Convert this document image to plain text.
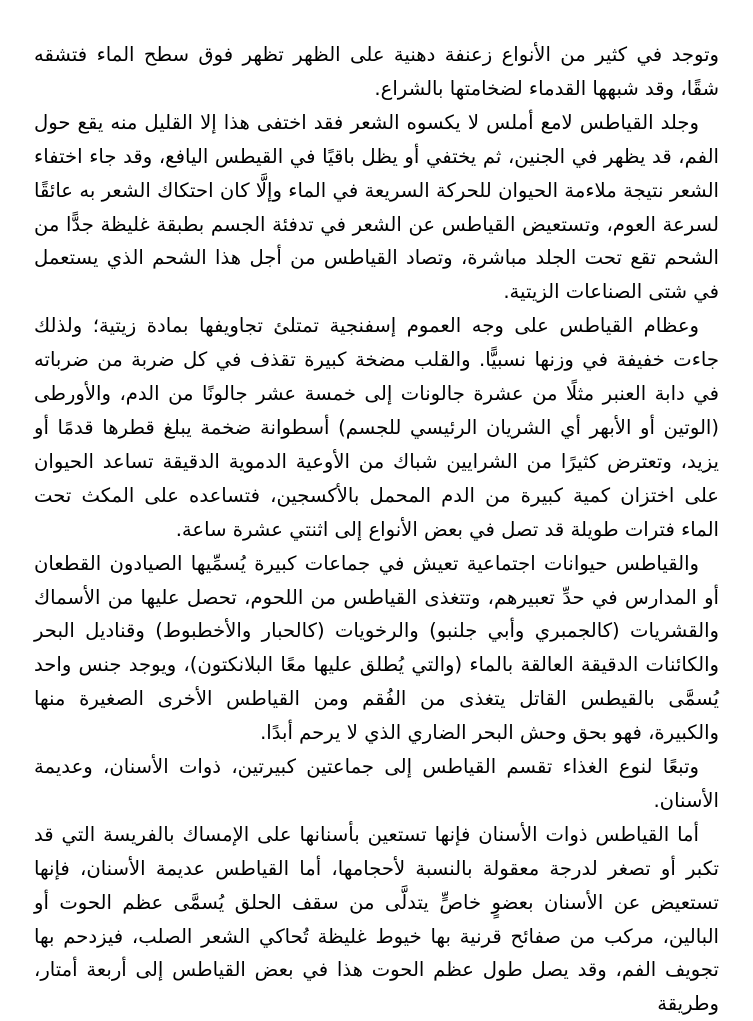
وتوجد في كثير من الأنواع زعنفة دهنية على الظهر تظهر فوق سطح الماء فتشقه شقًا، وقد شبهها القدماء لضخامتها بالشراع.

وجلد القياطس لامع أملس لا يكسوه الشعر فقد اختفى هذا إلا القليل منه يقع حول الفم، قد يظهر في الجنين، ثم يختفي أو يظل باقيًا في القيطس اليافع، وقد جاء اختفاء الشعر نتيجة ملاءمة الحيوان للحركة السريعة في الماء وإلَّا كان احتكاك الشعر به عائقًا لسرعة العوم، وتستعيض القياطس عن الشعر في تدفئة الجسم بطبقة غليظة جدًّا من الشحم تقع تحت الجلد مباشرة، وتصاد القياطس من أجل هذا الشحم الذي يستعمل في شتى الصناعات الزيتية.

وعظام القياطس على وجه العموم إسفنجية تمتلئ تجاويفها بمادة زيتية؛ ولذلك جاءت خفيفة في وزنها نسبيًّا. والقلب مضخة كبيرة تقذف في كل ضربة من ضرباته في دابة العنبر مثلًا من عشرة جالونات إلى خمسة عشر جالونًا من الدم، والأورطى (الوتين أو الأبهر أي الشريان الرئيسي للجسم) أسطوانة ضخمة يبلغ قطرها قدمًا أو يزيد، وتعترض كثيرًا من الشرايين شباك من الأوعية الدموية الدقيقة تساعد الحيوان على اختزان كمية كبيرة من الدم المحمل بالأكسجين، فتساعده على المكث تحت الماء فترات طويلة قد تصل في بعض الأنواع إلى اثنتي عشرة ساعة.

والقياطس حيوانات اجتماعية تعيش في جماعات كبيرة يُسمِّيها الصيادون القطعان أو المدارس في حدِّ تعبيرهم، وتتغذى القياطس من اللحوم، تحصل عليها من الأسماك والقشريات (كالجمبري وأبي جلنبو) والرخويات (كالحبار والأخطبوط) وقناديل البحر والكائنات الدقيقة العالقة بالماء (والتي يُطلق عليها معًا البلانكتون)، ويوجد جنس واحد يُسمَّى بالقيطس القاتل يتغذى من الفُقم ومن القياطس الأخرى الصغيرة منها والكبيرة، فهو بحق وحش البحر الضاري الذي لا يرحم أبدًا.

وتبعًا لنوع الغذاء تقسم القياطس إلى جماعتين كبيرتين، ذوات الأسنان، وعديمة الأسنان.

أما القياطس ذوات الأسنان فإنها تستعين بأسنانها على الإمساك بالفريسة التي قد تكبر أو تصغر لدرجة معقولة بالنسبة لأحجامها، أما القياطس عديمة الأسنان، فإنها تستعيض عن الأسنان بعضوٍ خاصٍّ يتدلَّى من سقف الحلق يُسمَّى عظم الحوت أو البالين، مركب من صفائح قرنية بها خيوط غليظة تُحاكي الشعر الصلب، فيزدحم بها تجويف الفم، وقد يصل طول عظم الحوت هذا في بعض القياطس إلى أربعة أمتار، وطريقة
